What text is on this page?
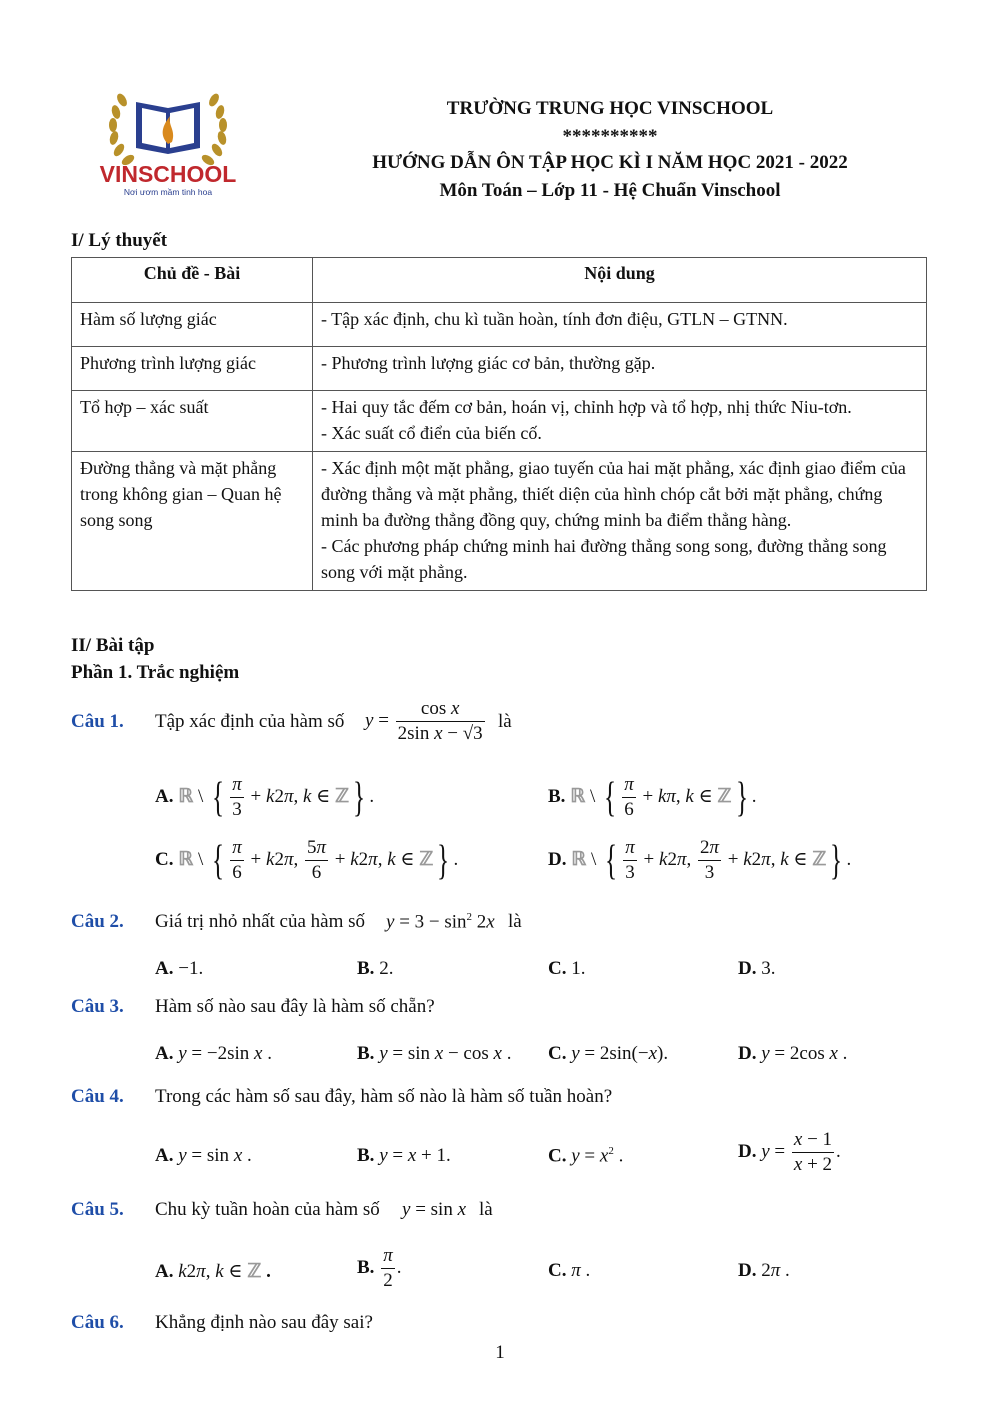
VINSCHOOL
Nơi ươm mầm tinh hoa
TRƯỜNG TRUNG HỌC VINSCHOOL
**********
HƯỚNG DẪN ÔN TẬP HỌC KÌ I NĂM HỌC 2021 - 2022
Môn Toán – Lớp 11 - Hệ Chuẩn Vinschool
I/ Lý thuyết
Chủ đề - Bài	Nội dung
Hàm số lượng giác	- Tập xác định, chu kì tuần hoàn, tính đơn điệu, GTLN – GTNN.

Phương trình lượng giác	- Phương trình lượng giác cơ bản, thường gặp.

Tổ hợp – xác suất	- Hai quy tắc đếm cơ bản, hoán vị, chỉnh hợp và tổ hợp, nhị thức Niu-tơn.
- Xác suất cổ điển của biến cố.

Đường thẳng và mặt phẳng trong không gian – Quan hệ song song	- Xác định một mặt phẳng, giao tuyến của hai mặt phẳng, xác định giao điểm của đường thẳng và mặt phẳng, thiết diện của hình chóp cắt bởi mặt phẳng, chứng minh ba đường thẳng đồng quy, chứng minh ba điểm thẳng hàng.
- Các phương pháp chứng minh hai đường thẳng song song, đường thẳng song song với mặt phẳng.
II/ Bài tập
Phần 1. Trắc nghiệm
Câu 1. Tập xác định của hàm số $y = \frac{\text{cos x}}{\text{2sin x − √3}}$ là
A. ℝ \ { $\frac{\pi}{3} + k2\pi$, k ∈ ℤ} .	B. ℝ \ { $\frac{\pi}{6} + k\pi$, k ∈ ℤ} .
C. ℝ \ { $\frac{\pi}{6} + k2\pi$, $\frac{5\pi}{6} + k2\pi$, k ∈ ℤ} .	D. ℝ \ { $\frac{\pi}{3} + k2\pi$, $\frac{2\pi}{3} + k2\pi$, k ∈ ℤ} .
Câu 2. Giá trị nhỏ nhất của hàm số $y = 3 - \sin^2 2x$ là
A. −1.	B. 2.	C. 1.	D. 3.
Câu 3. Hàm số nào sau đây là hàm số chẵn?
A. y = −2sin x .	B. y = sin x − cos x . C. y = 2sin(−x).	D. y = 2cos x .
Câu 4. Trong các hàm số sau đây, hàm số nào là hàm số tuần hoàn?
A. y = sin x .	B. y = x + 1.	C. $y = x^2$ .	D. $y = \frac{x - 1}{x + 2}$ .
Câu 5. Chu kỳ tuần hoàn của hàm số y = sin x là
A. k2π, k ∈ ℤ .	B. $\frac{\pi}{2}$ .	C. π .	D. 2π .
Câu 6. Khẳng định nào sau đây sai?
1
